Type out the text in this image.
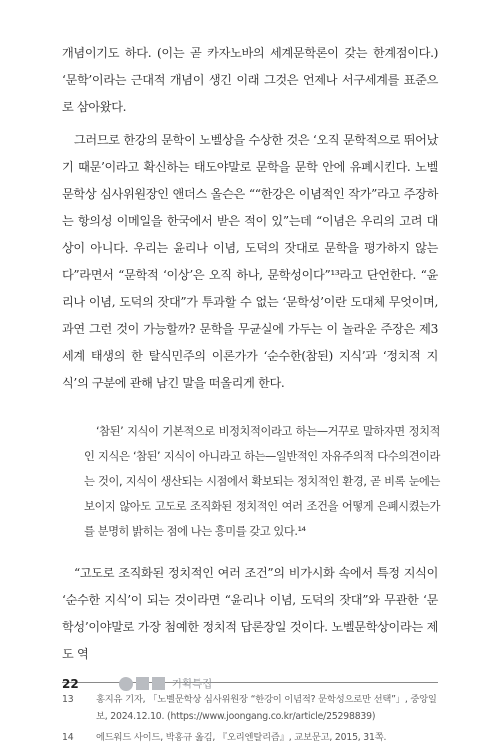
개념이기도 하다. (이는 곧 카자노바의 세계문학론이 갖는 한계점이다.) ‘문학’이라는 근대적 개념이 생긴 이래 그것은 언제나 서구세계를 표준으로 삼아왔다.

그러므로 한강의 문학이 노벨상을 수상한 것은 ‘오직 문학적으로 뛰어났기 때문’이라고 확신하는 태도야말로 문학을 문학 안에 유폐시킨다. 노벨문학상 심사위원장인 앤더스 올슨은 ““한강은 이념적인 작가”라고 주장하는 항의성 이메일을 한국에서 받은 적이 있”는데 “이념은 우리의 고려 대상이 아니다. 우리는 윤리나 이념, 도덕의 잣대로 문학을 평가하지 않는다”라면서 “문학적 ‘이상’은 오직 하나, 문학성이다”¹³라고 단언한다. “윤리나 이념, 도덕의 잣대”가 투과할 수 없는 ‘문학성’이란 도대체 무엇이며, 과연 그런 것이 가능할까? 문학을 무균실에 가두는 이 놀라운 주장은 제3세계 태생의 한 탈식민주의 이론가가 ‘순수한(참된) 지식’과 ‘정치적 지식’의 구분에 관해 남긴 말을 떠올리게 한다.

‘참된’ 지식이 기본적으로 비정치적이라고 하는—거꾸로 말하자면 정치적인 지식은 ‘참된’ 지식이 아니라고 하는—일반적인 자유주의적 다수의견이라는 것이, 지식이 생산되는 시점에서 확보되는 정치적인 환경, 곧 비록 눈에는 보이지 않아도 고도로 조직화된 정치적인 여러 조건을 어떻게 은폐시켰는가를 분명히 밝히는 점에 나는 흥미를 갖고 있다.¹⁴

“고도로 조직화된 정치적인 여러 조건”의 비가시화 속에서 특정 지식이 ‘순수한 지식’이 되는 것이라면 “윤리나 이념, 도덕의 잣대”와 무관한 ‘문학성’이야말로 가장 첨예한 정치적 답론장일 것이다. 노벨문학상이라는 제도 역

13 홍지유 기자, 「노벨문학상 심사위원장 “한강이 이념적? 문학성으로만 선택”」, 중앙일보, 2024.12.10. (https://www.joongang.co.kr/article/25298839)

14 에드워드 사이드, 박홍규 옮김, 『오리엔탈리즘』, 교보문고, 2015, 31쪽.

22	기획특집
